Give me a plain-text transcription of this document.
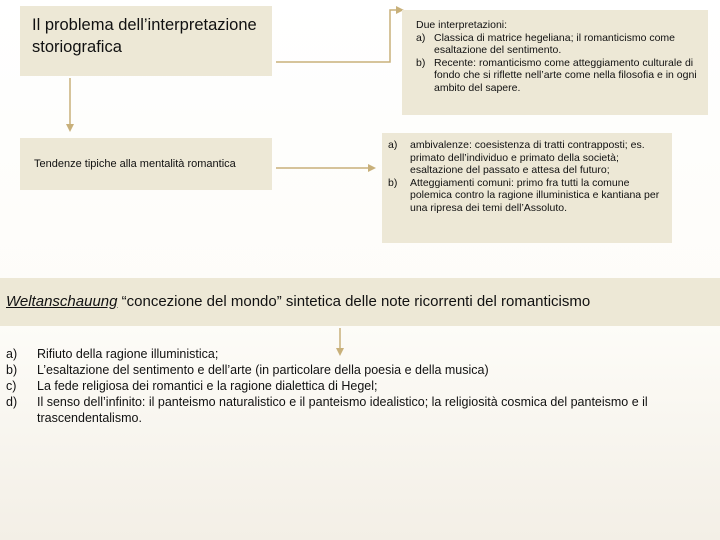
Il problema dell’interpretazione
storiografica
Tendenze tipiche alla mentalità romantica
Due interpretazioni:
a) Classica di matrice hegeliana; il romanticismo come esaltazione del sentimento.
b) Recente: romanticismo come atteggiamento culturale di fondo che si riflette nell’arte come nella filosofia e in ogni ambito del sapere.
a)	ambivalenze: coesistenza di tratti contrapposti; es. primato dell’individuo e primato della società; esaltazione del passato e attesa del futuro;
b)	Atteggiamenti comuni: primo fra tutti la comune polemica contro la ragione illuministica e kantiana per una ripresa dei temi dell’Assoluto.
Weltanschauung “concezione del mondo” sintetica delle note ricorrenti del romanticismo
a)	Rifiuto della ragione illuministica;
b)	L’esaltazione del sentimento e dell’arte (in particolare della poesia e della musica)
c)	La fede religiosa dei romantici e la ragione dialettica di Hegel;
d)	Il senso dell’infinito: il panteismo naturalistico e il panteismo idealistico; la religiosità cosmica del panteismo e il trascendentalismo.
